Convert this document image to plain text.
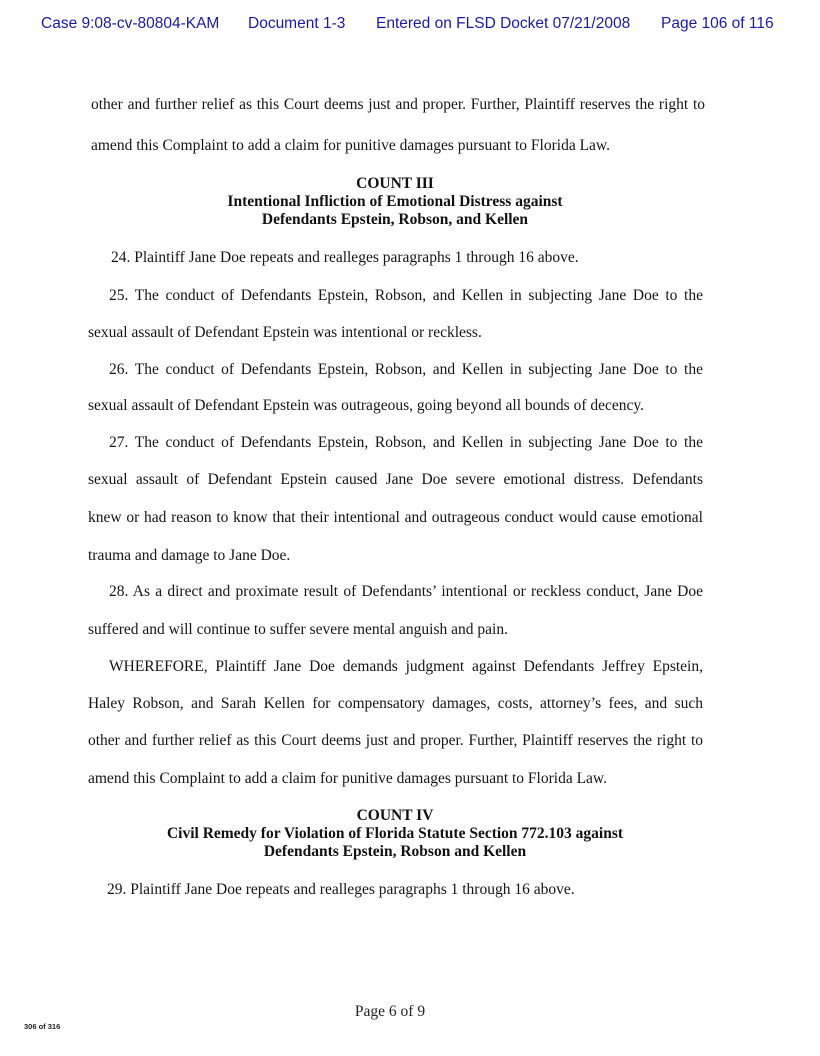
Case 9:08-cv-80804-KAM Document 1-3 Entered on FLSD Docket 07/21/2008 Page 106 of 116
other and further relief as this Court deems just and proper. Further, Plaintiff reserves the right to
amend this Complaint to add a claim for punitive damages pursuant to Florida Law.
COUNT III
Intentional Infliction of Emotional Distress against
Defendants Epstein, Robson, and Kellen
24. Plaintiff Jane Doe repeats and realleges paragraphs 1 through 16 above.
25. The conduct of Defendants Epstein, Robson, and Kellen in subjecting Jane Doe to the
sexual assault of Defendant Epstein was intentional or reckless.
26. The conduct of Defendants Epstein, Robson, and Kellen in subjecting Jane Doe to the
sexual assault of Defendant Epstein was outrageous, going beyond all bounds of decency.
27. The conduct of Defendants Epstein, Robson, and Kellen in subjecting Jane Doe to the
sexual assault of Defendant Epstein caused Jane Doe severe emotional distress. Defendants
knew or had reason to know that their intentional and outrageous conduct would cause emotional
trauma and damage to Jane Doe.
28. As a direct and proximate result of Defendants’ intentional or reckless conduct, Jane Doe
suffered and will continue to suffer severe mental anguish and pain.
WHEREFORE, Plaintiff Jane Doe demands judgment against Defendants Jeffrey Epstein,
Haley Robson, and Sarah Kellen for compensatory damages, costs, attorney’s fees, and such
other and further relief as this Court deems just and proper. Further, Plaintiff reserves the right to
amend this Complaint to add a claim for punitive damages pursuant to Florida Law.
COUNT IV
Civil Remedy for Violation of Florida Statute Section 772.103 against
Defendants Epstein, Robson and Kellen
29. Plaintiff Jane Doe repeats and realleges paragraphs 1 through 16 above.
Page 6 of 9
306 of 316
